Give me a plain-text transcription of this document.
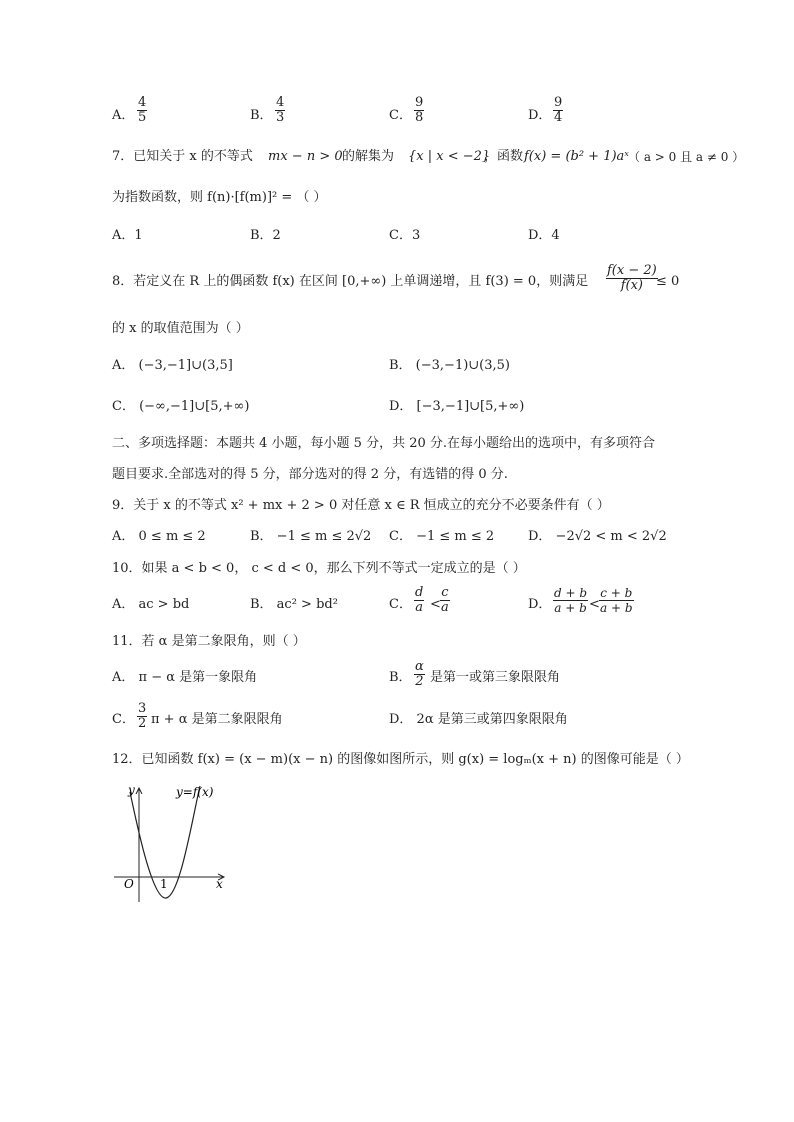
A． $\frac{4}{5}$	B． $\frac{4}{3}$	C． $\frac{9}{8}$	D． $\frac{9}{4}$
7．已知关于 x 的不等式 mx − n > 0 的解集为 {x | x < −2}
，函数 f(x) = (b² + 1)aˣ （ a > 0 且 a ≠ 0 ）
为指数函数，则 f(n)·[f(m)]² = （ ）
A．1	B．2	C．3	D．4
8．若定义在 R 上的偶函数 f(x) 在区间 [0,+∞) 上单调递增，且 f(3) = 0，则满足 $\frac{f(x - 2)}{f(x)}$
≤ 0
的 x 的取值范围为（ ）
A． (−3,−1]∪(3,5]	B． (−3,−1)∪(3,5)
C． (−∞,−1]∪[5,+∞)	D． [−3,−1]∪[5,+∞)
二、多项选择题：本题共 4 小题，每小题 5 分，共 20 分.在每小题给出的选项中，有多项符合
题目要求.全部选对的得 5 分，部分选对的得 2 分，有选错的得 0 分.
9．关于 x 的不等式 x² + mx + 2 > 0 对任意 x ∈ R 恒成立的充分不必要条件有（ ）
A． 0 ≤ m ≤ 2	B． −1 ≤ m ≤ 2√2 C． −1 ≤ m ≤ 2	D． −2√2 < m < 2√2
10．如果 a < b < 0， c < d < 0，那么下列不等式一定成立的是（ ）
A． ac > bd	B． ac² > bd²	C． $\frac{d}{a} < \frac{c}{a}$	D． $\frac{d + b}{a + b} < \frac{c + b}{a + b}$
11．若 α 是第二象限角，则（ ）
A． π − α 是第一象限角	B． $\frac{\alpha}{2}$ 是第一或第三象限限角
C． $\frac{3}{2}$ π + α 是第二象限限角	D． 2α 是第三或第四象限限角
12．已知函数 f(x) = (x − m)(x − n) 的图像如图所示，则 g(x) = logₘ(x + n) 的图像可能是（ ）
y	y=f(x)
O 1	x
